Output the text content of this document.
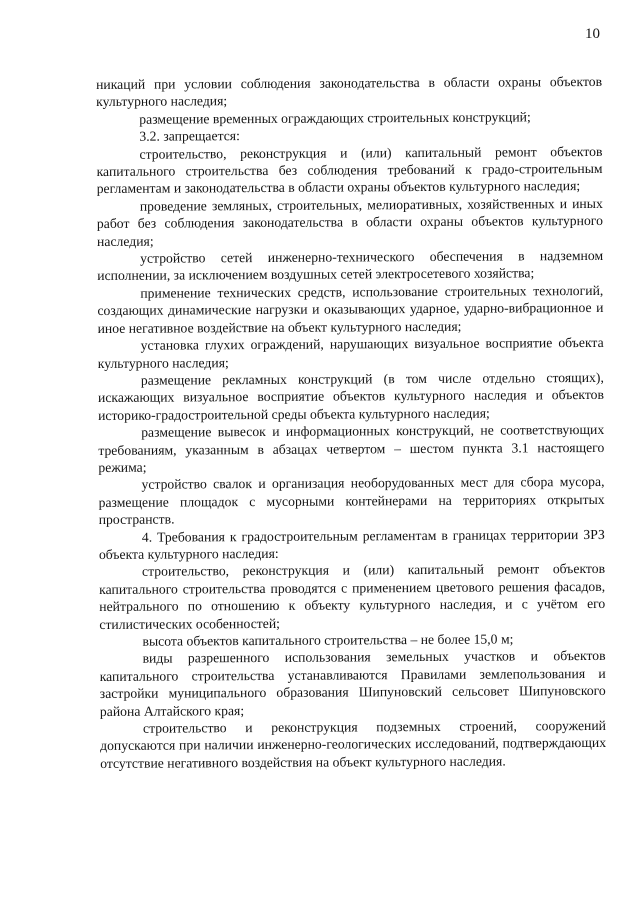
10

никаций при условии соблюдения законодательства в области охраны объектов культурного наследия;

размещение временных ограждающих строительных конструкций;

3.2. запрещается:

строительство, реконструкция и (или) капитальный ремонт объектов капитального строительства без соблюдения требований к градо-строительным регламентам и законодательства в области охраны объектов культурного наследия;

проведение земляных, строительных, мелиоративных, хозяйственных и иных работ без соблюдения законодательства в области охраны объектов культурного наследия;

устройство сетей инженерно-технического обеспечения в надземном исполнении, за исключением воздушных сетей электросетевого хозяйства;

применение технических средств, использование строительных технологий, создающих динамические нагрузки и оказывающих ударное, ударно-вибрационное и иное негативное воздействие на объект культурного наследия;

установка глухих ограждений, нарушающих визуальное восприятие объекта культурного наследия;

размещение рекламных конструкций (в том числе отдельно стоящих), искажающих визуальное восприятие объектов культурного наследия и объектов историко-градостроительной среды объекта культурного наследия;

размещение вывесок и информационных конструкций, не соответствующих требованиям, указанным в абзацах четвертом – шестом пункта 3.1 настоящего режима;

устройство свалок и организация необорудованных мест для сбора мусора, размещение площадок с мусорными контейнерами на территориях открытых пространств.

4. Требования к градостроительным регламентам в границах территории ЗРЗ объекта культурного наследия:

строительство, реконструкция и (или) капитальный ремонт объектов капитального строительства проводятся с применением цветового решения фасадов, нейтрального по отношению к объекту культурного наследия, и с учётом его стилистических особенностей;

высота объектов капитального строительства – не более 15,0 м;

виды разрешенного использования земельных участков и объектов капитального строительства устанавливаются Правилами землепользования и застройки муниципального образования Шипуновский сельсовет Шипуновского района Алтайского края;

строительство и реконструкция подземных строений, сооружений допускаются при наличии инженерно-геологических исследований, подтверждающих отсутствие негативного воздействия на объект культурного наследия.
